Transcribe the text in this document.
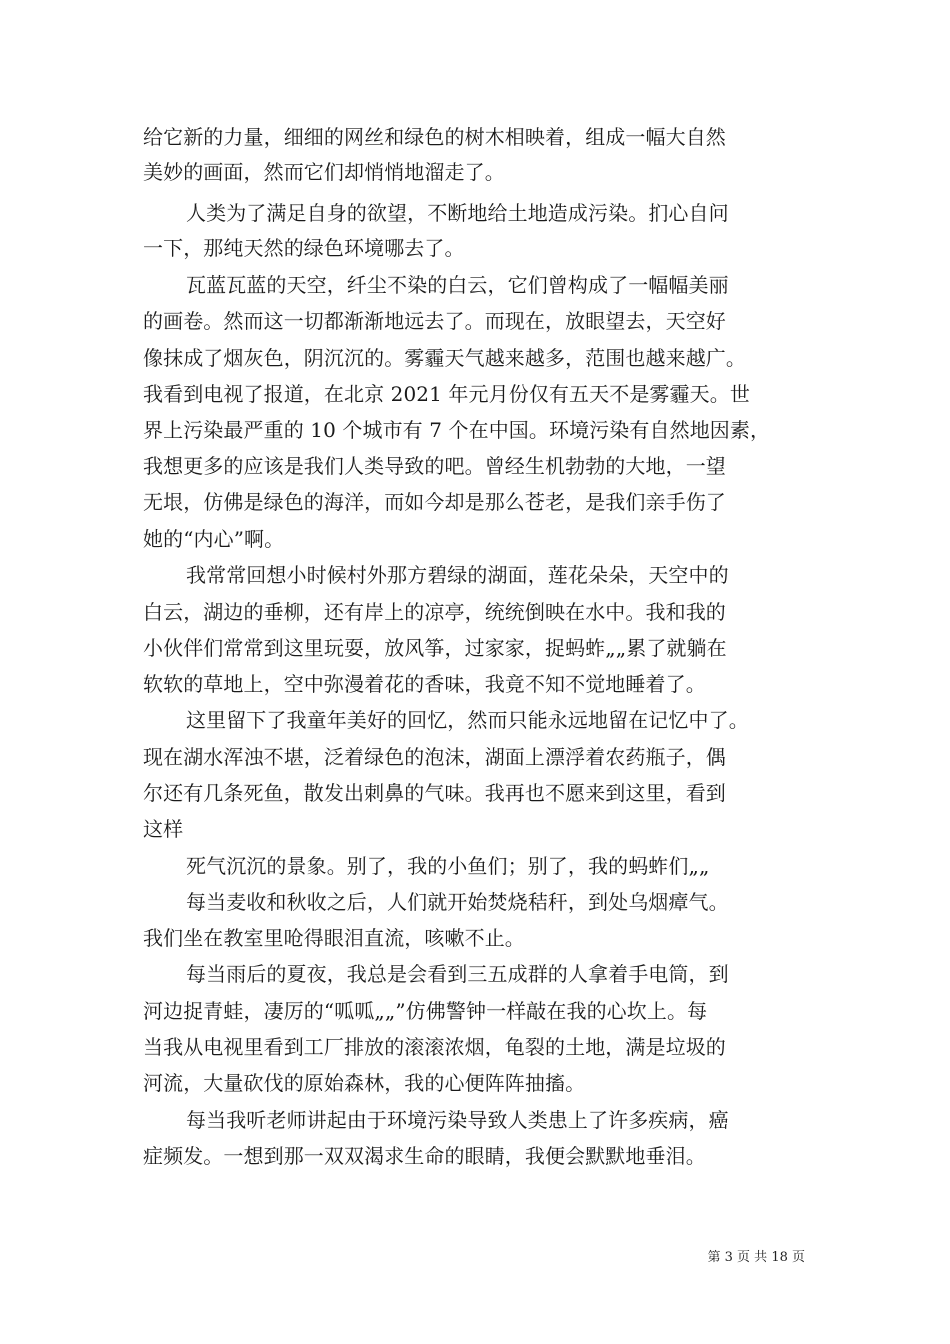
给它新的力量，细细的网丝和绿色的树木相映着，组成一幅大自然
美妙的画面，然而它们却悄悄地溜走了。
人类为了满足自身的欲望，不断地给土地造成污染。扪心自问
一下，那纯天然的绿色环境哪去了。
瓦蓝瓦蓝的天空，纤尘不染的白云，它们曾构成了一幅幅美丽
的画卷。然而这一切都渐渐地远去了。而现在，放眼望去，天空好
像抹成了烟灰色，阴沉沉的。雾霾天气越来越多，范围也越来越广。
我看到电视了报道，在北京 2021 年元月份仅有五天不是雾霾天。世
界上污染最严重的 10 个城市有 7 个在中国。环境污染有自然地因素，
我想更多的应该是我们人类导致的吧。曾经生机勃勃的大地，一望
无垠，仿佛是绿色的海洋，而如今却是那么苍老，是我们亲手伤了
她的“内心”啊。
我常常回想小时候村外那方碧绿的湖面，莲花朵朵，天空中的
白云，湖边的垂柳，还有岸上的凉亭，统统倒映在水中。我和我的
小伙伴们常常到这里玩耍，放风筝，过家家，捉蚂蚱„„累了就躺在
软软的草地上，空中弥漫着花的香味，我竟不知不觉地睡着了。
这里留下了我童年美好的回忆，然而只能永远地留在记忆中了。
现在湖水浑浊不堪，泛着绿色的泡沫，湖面上漂浮着农药瓶子，偶
尔还有几条死鱼，散发出刺鼻的气味。我再也不愿来到这里，看到
这样
死气沉沉的景象。别了，我的小鱼们；别了，我的蚂蚱们„„
每当麦收和秋收之后，人们就开始焚烧秸秆，到处乌烟瘴气。
我们坐在教室里呛得眼泪直流，咳嗽不止。
每当雨后的夏夜，我总是会看到三五成群的人拿着手电筒，到
河边捉青蛙，凄厉的“呱呱„„”仿佛警钟一样敲在我的心坎上。每
当我从电视里看到工厂排放的滚滚浓烟，龟裂的土地，满是垃圾的
河流，大量砍伐的原始森林，我的心便阵阵抽搐。
每当我听老师讲起由于环境污染导致人类患上了许多疾病，癌
症频发。一想到那一双双渴求生命的眼睛，我便会默默地垂泪。
第 3 页 共 18 页
